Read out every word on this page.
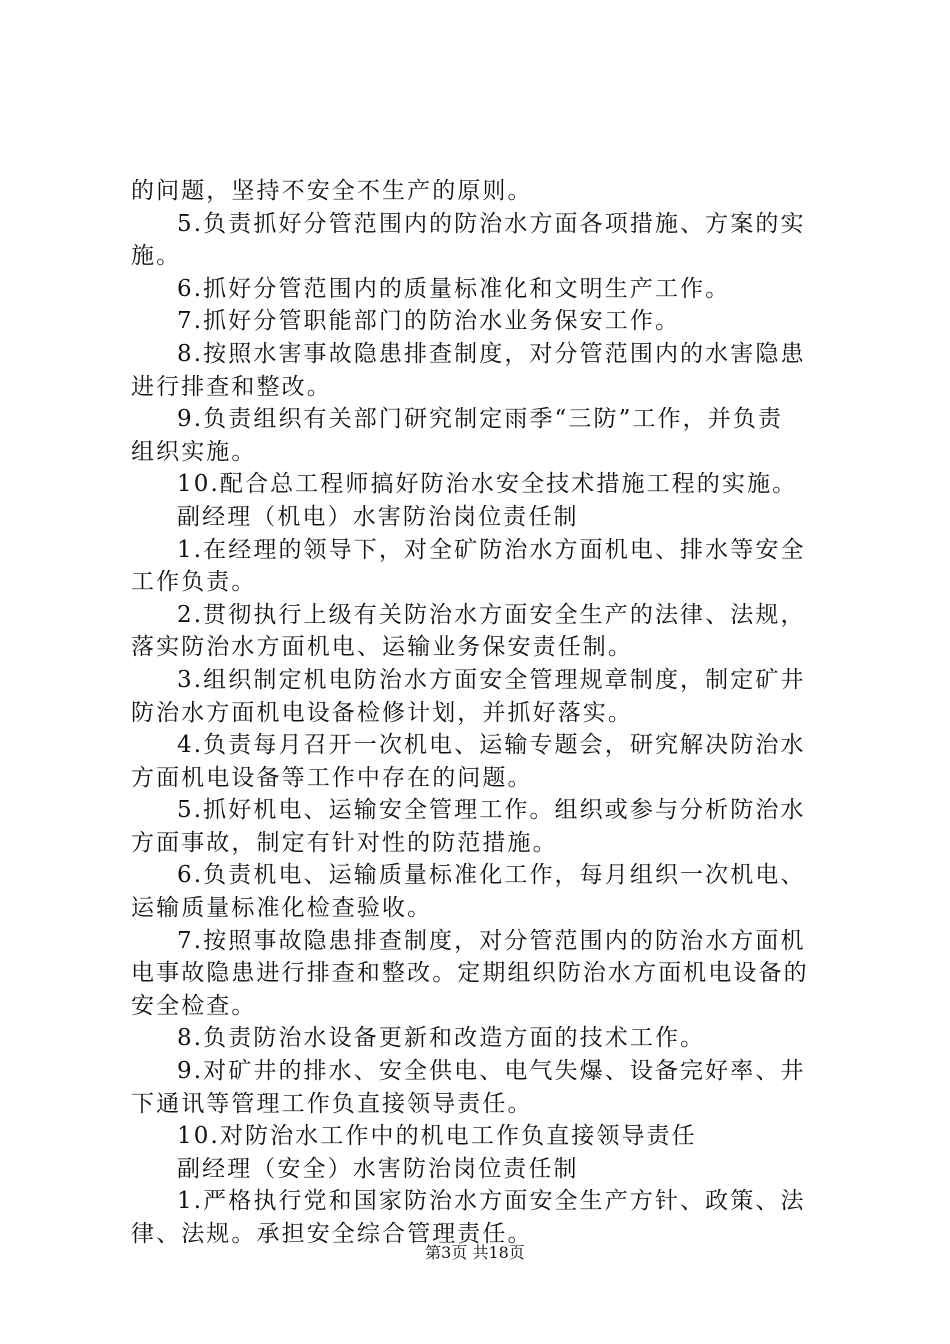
的问题，坚持不安全不生产的原则。
5.负责抓好分管范围内的防治水方面各项措施、方案的实
施。
6.抓好分管范围内的质量标准化和文明生产工作。
7.抓好分管职能部门的防治水业务保安工作。
8.按照水害事故隐患排查制度，对分管范围内的水害隐患
进行排查和整改。
9.负责组织有关部门研究制定雨季“三防”工作，并负责
组织实施。
10.配合总工程师搞好防治水安全技术措施工程的实施。
副经理（机电）水害防治岗位责任制
1.在经理的领导下，对全矿防治水方面机电、排水等安全
工作负责。
2.贯彻执行上级有关防治水方面安全生产的法律、法规，
落实防治水方面机电、运输业务保安责任制。
3.组织制定机电防治水方面安全管理规章制度，制定矿井
防治水方面机电设备检修计划，并抓好落实。
4.负责每月召开一次机电、运输专题会，研究解决防治水
方面机电设备等工作中存在的问题。
5.抓好机电、运输安全管理工作。组织或参与分析防治水
方面事故，制定有针对性的防范措施。
6.负责机电、运输质量标准化工作，每月组织一次机电、
运输质量标准化检查验收。
7.按照事故隐患排查制度，对分管范围内的防治水方面机
电事故隐患进行排查和整改。定期组织防治水方面机电设备的
安全检查。
8.负责防治水设备更新和改造方面的技术工作。
9.对矿井的排水、安全供电、电气失爆、设备完好率、井
下通讯等管理工作负直接领导责任。
10.对防治水工作中的机电工作负直接领导责任
副经理（安全）水害防治岗位责任制
1.严格执行党和国家防治水方面安全生产方针、政策、法
律、法规。承担安全综合管理责任。
第3页 共18页
